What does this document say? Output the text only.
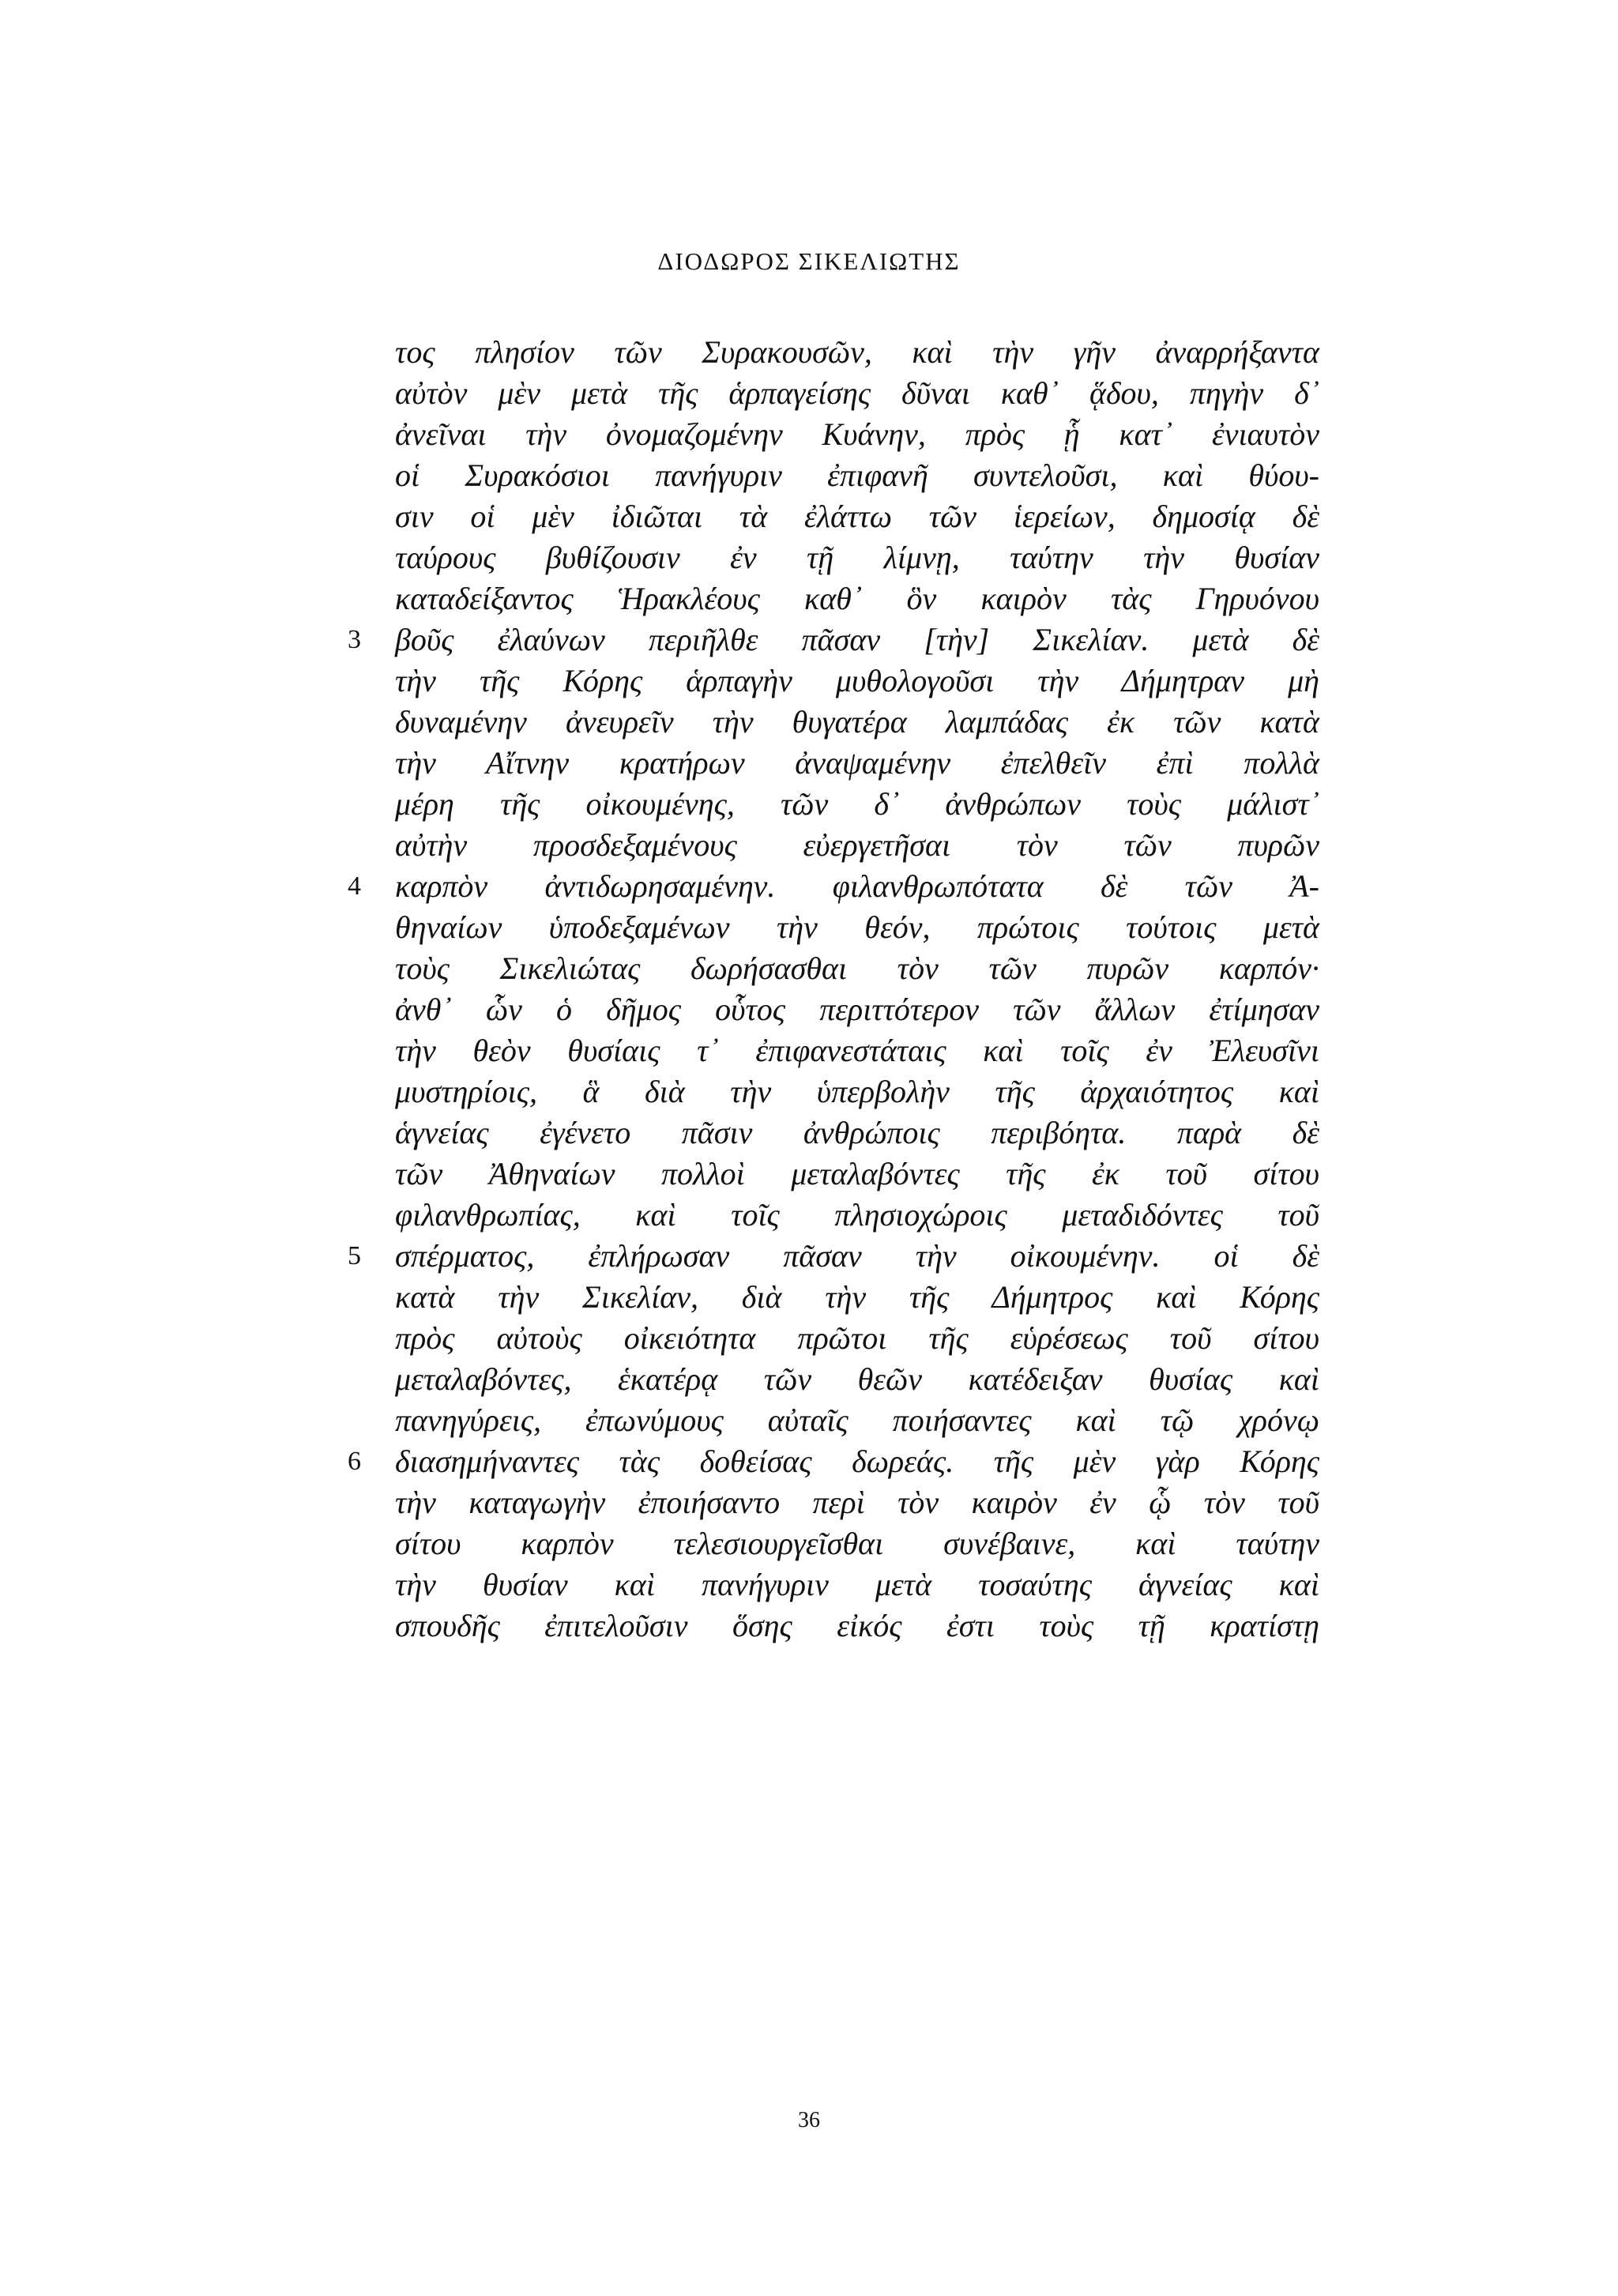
ΔΙΟΔΩΡΟΣ ΣΙΚΕΛΙΩΤΗΣ
τος πλησίον τῶν Συρακουσῶν, καὶ τὴν γῆν ἀναρρήξαντα
αὐτὸν μὲν μετὰ τῆς ἁρπαγείσης δῦναι καθ᾽ ᾅδου, πηγὴν δ᾽
ἀνεῖναι τὴν ὀνομαζομένην Κυάνην, πρὸς ᾗ κατ᾽ ἐνιαυτὸν
οἱ Συρακόσιοι πανήγυριν ἐπιφανῆ συντελοῦσι, καὶ θύου-
σιν οἱ μὲν ἰδιῶται τὰ ἐλάττω τῶν ἱερείων, δημοσίᾳ δὲ
ταύρους βυθίζουσιν ἐν τῇ λίμνῃ, ταύτην τὴν θυσίαν
καταδείξαντος Ἡρακλέους καθ᾽ ὃν καιρὸν τὰς Γηρυόνου
3	βοῦς ἐλαύνων περιῆλθε πᾶσαν [τὴν] Σικελίαν. μετὰ δὲ
τὴν τῆς Κόρης ἁρπαγὴν μυθολογοῦσι τὴν Δήμητραν μὴ
δυναμένην ἀνευρεῖν τὴν θυγατέρα λαμπάδας ἐκ τῶν κατὰ
τὴν Αἴτνην κρατήρων ἀναψαμένην ἐπελθεῖν ἐπὶ πολλὰ
μέρη τῆς οἰκουμένης, τῶν δ᾽ ἀνθρώπων τοὺς μάλιστ᾽
αὐτὴν προσδεξαμένους εὐεργετῆσαι τὸν τῶν πυρῶν
4	καρπὸν ἀντιδωρησαμένην. φιλανθρωπότατα δὲ τῶν Ἀ-
θηναίων ὑποδεξαμένων τὴν θεόν, πρώτοις τούτοις μετὰ
τοὺς Σικελιώτας δωρήσασθαι τὸν τῶν πυρῶν καρπόν·
ἀνθ᾽ ὧν ὁ δῆμος οὗτος περιττότερον τῶν ἄλλων ἐτίμησαν
τὴν θεὸν θυσίαις τ᾽ ἐπιφανεστάταις καὶ τοῖς ἐν Ἐλευσῖνι
μυστηρίοις, ἃ διὰ τὴν ὑπερβολὴν τῆς ἀρχαιότητος καὶ
ἁγνείας ἐγένετο πᾶσιν ἀνθρώποις περιβόητα. παρὰ δὲ
τῶν Ἀθηναίων πολλοὶ μεταλαβόντες τῆς ἐκ τοῦ σίτου
φιλανθρωπίας, καὶ τοῖς πλησιοχώροις μεταδιδόντες τοῦ
5	σπέρματος, ἐπλήρωσαν πᾶσαν τὴν οἰκουμένην. οἱ δὲ
κατὰ τὴν Σικελίαν, διὰ τὴν τῆς Δήμητρος καὶ Κόρης
πρὸς αὐτοὺς οἰκειότητα πρῶτοι τῆς εὑρέσεως τοῦ σίτου
μεταλαβόντες, ἑκατέρᾳ τῶν θεῶν κατέδειξαν θυσίας καὶ
πανηγύρεις, ἐπωνύμους αὐταῖς ποιήσαντες καὶ τῷ χρόνῳ
6	διασημήναντες τὰς δοθείσας δωρεάς. τῆς μὲν γὰρ Κόρης
τὴν καταγωγὴν ἐποιήσαντο περὶ τὸν καιρὸν ἐν ᾧ τὸν τοῦ
σίτου καρπὸν τελεσιουργεῖσθαι συνέβαινε, καὶ ταύτην
τὴν θυσίαν καὶ πανήγυριν μετὰ τοσαύτης ἁγνείας καὶ
σπουδῆς ἐπιτελοῦσιν ὅσης εἰκός ἐστι τοὺς τῇ κρατίστῃ
36
